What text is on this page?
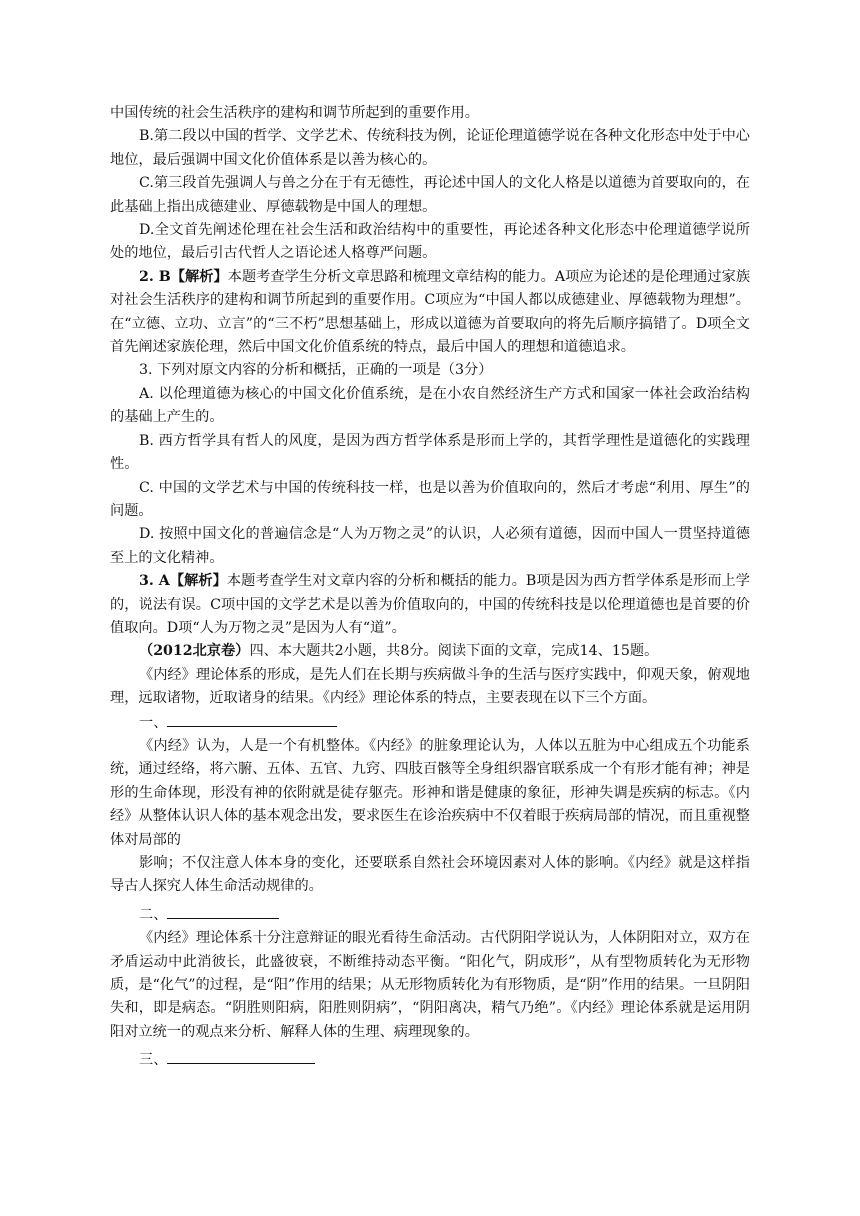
中国传统的社会生活秩序的建构和调节所起到的重要作用。

B.第二段以中国的哲学、文学艺术、传统科技为例，论证伦理道德学说在各种文化形态中处于中心地位，最后强调中国文化价值体系是以善为核心的。

C.第三段首先强调人与兽之分在于有无德性，再论述中国人的文化人格是以道德为首要取向的，在此基础上指出成德建业、厚德载物是中国人的理想。

D.全文首先阐述伦理在社会生活和政治结构中的重要性，再论述各种文化形态中伦理道德学说所处的地位，最后引古代哲人之语论述人格尊严问题。

2. B【解析】本题考查学生分析文章思路和梳理文章结构的能力。A项应为论述的是伦理通过家族对社会生活秩序的建构和调节所起到的重要作用。C项应为“中国人都以成德建业、厚德载物为理想”。在“立德、立功、立言”的“三不朽”思想基础上，形成以道德为首要取向的将先后顺序搞错了。D项全文首先阐述家族伦理，然后中国文化价值系统的特点，最后中国人的理想和道德追求。

3. 下列对原文内容的分析和概括，正确的一项是（3分）

A. 以伦理道德为核心的中国文化价值系统，是在小农自然经济生产方式和国家一体社会政治结构的基础上产生的。

B. 西方哲学具有哲人的风度，是因为西方哲学体系是形而上学的，其哲学理性是道德化的实践理性。

C. 中国的文学艺术与中国的传统科技一样，也是以善为价值取向的，然后才考虑“利用、厚生”的问题。

D. 按照中国文化的普遍信念是“人为万物之灵”的认识，人必须有道德，因而中国人一贯坚持道德至上的文化精神。

3. A【解析】本题考查学生对文章内容的分析和概括的能力。B项是因为西方哲学体系是形而上学的，说法有误。C项中国的文学艺术是以善为价值取向的，中国的传统科技是以伦理道德也是首要的价值取向。D项“人为万物之灵”是因为人有“道”。

（2012北京卷）四、本大题共2小题，共8分。阅读下面的文章，完成14、15题。

《内经》理论体系的形成，是先人们在长期与疾病做斗争的生活与医疗实践中，仰观天象，俯观地理，远取诸物，近取诸身的结果。《内经》理论体系的特点，主要表现在以下三个方面。

一、

《内经》认为，人是一个有机整体。《内经》的脏象理论认为，人体以五脏为中心组成五个功能系统，通过经络，将六腑、五体、五官、九窍、四肢百骸等全身组织器官联系成一个有形才能有神；神是形的生命体现，形没有神的依附就是徒存躯壳。形神和谐是健康的象征，形神失调是疾病的标志。《内经》从整体认识人体的基本观念出发，要求医生在诊治疾病中不仅着眼于疾病局部的情况，而且重视整体对局部的

影响；不仅注意人体本身的变化，还要联系自然社会环境因素对人体的影响。《内经》就是这样指导古人探究人体生命活动规律的。

二、

《内经》理论体系十分注意辩证的眼光看待生命活动。古代阴阳学说认为，人体阴阳对立，双方在矛盾运动中此消彼长，此盛彼衰，不断维持动态平衡。“阳化气，阴成形”，从有型物质转化为无形物质，是“化气”的过程，是“阳”作用的结果；从无形物质转化为有形物质，是“阴”作用的结果。一旦阴阳失和，即是病态。“阴胜则阳病，阳胜则阴病”，“阴阳离决，精气乃绝”。《内经》理论体系就是运用阴阳对立统一的观点来分析、解释人体的生理、病理现象的。

三、
